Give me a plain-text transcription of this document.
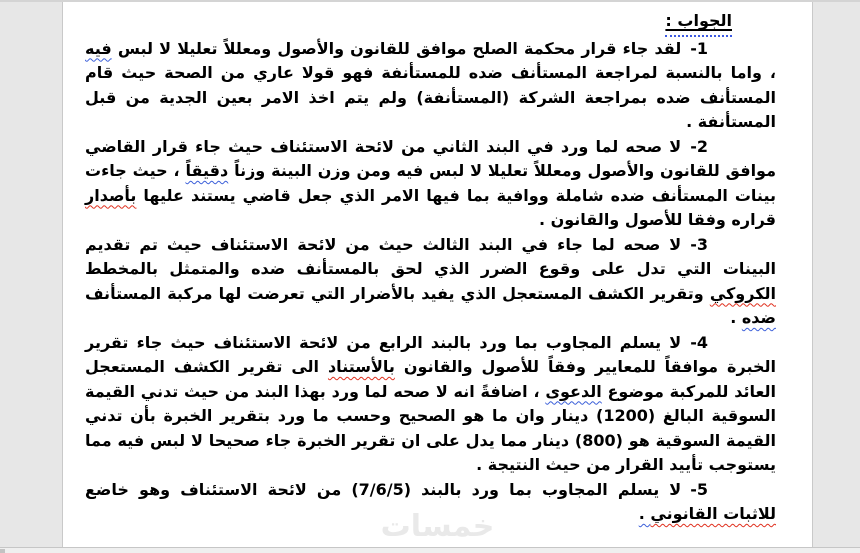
الجواب :

1-لقد جاء قرار محكمة الصلح موافق للقانون والأصول ومعللاً تعليلا لا لبس فيه ، واما بالنسبة لمراجعة المستأنف ضده للمستأنفة فهو قولا عاري من الصحة حيث قام المستأنف ضده بمراجعة الشركة (المستأنفة) ولم يتم اخذ الامر بعين الجدية من قبل المستأنفة .

2-لا صحه لما ورد في البند الثاني من لائحة الاستئناف حيث جاء قرار القاضي موافق للقانون والأصول ومعللاً تعليلا لا لبس فيه ومن وزن البينة وزناً دقيقاً ، حيث جاءت بينات المستأنف ضده شاملة ووافية بما فيها الامر الذي جعل قاضي يستند عليها بأصدار قراره وفقا للأصول والقانون .

3-لا صحه لما جاء في البند الثالث حيث من لائحة الاستئناف حيث تم تقديم البينات التي تدل على وقوع الضرر الذي لحق بالمستأنف ضده والمتمثل بالمخطط الكروكي وتقرير الكشف المستعجل الذي يفيد بالأضرار التي تعرضت لها مركبة المستأنف ضده .

4-لا يسلم المجاوب بما ورد بالبند الرابع من لائحة الاستئناف حيث جاء تقرير الخبرة موافقاً للمعايير وفقاً للأصول والقانون بالأستناد الى تقرير الكشف المستعجل العائد للمركبة موضوع الدعوى ، اضافةً انه لا صحه لما ورد بهذا البند من حيث تدني القيمة السوقية البالغ (1200) دينار وان ما هو الصحيح وحسب ما ورد بتقرير الخبرة بأن تدني القيمة السوقية هو (800) دينار مما يدل على ان تقرير الخبرة جاء صحيحا لا لبس فيه مما يستوجب تأييد القرار من حيث النتيجة .

5-لا يسلم المجاوب بما ورد بالبند (7/6/5) من لائحة الاستئناف وهو خاضع للاثبات القانوني .

خمسات
